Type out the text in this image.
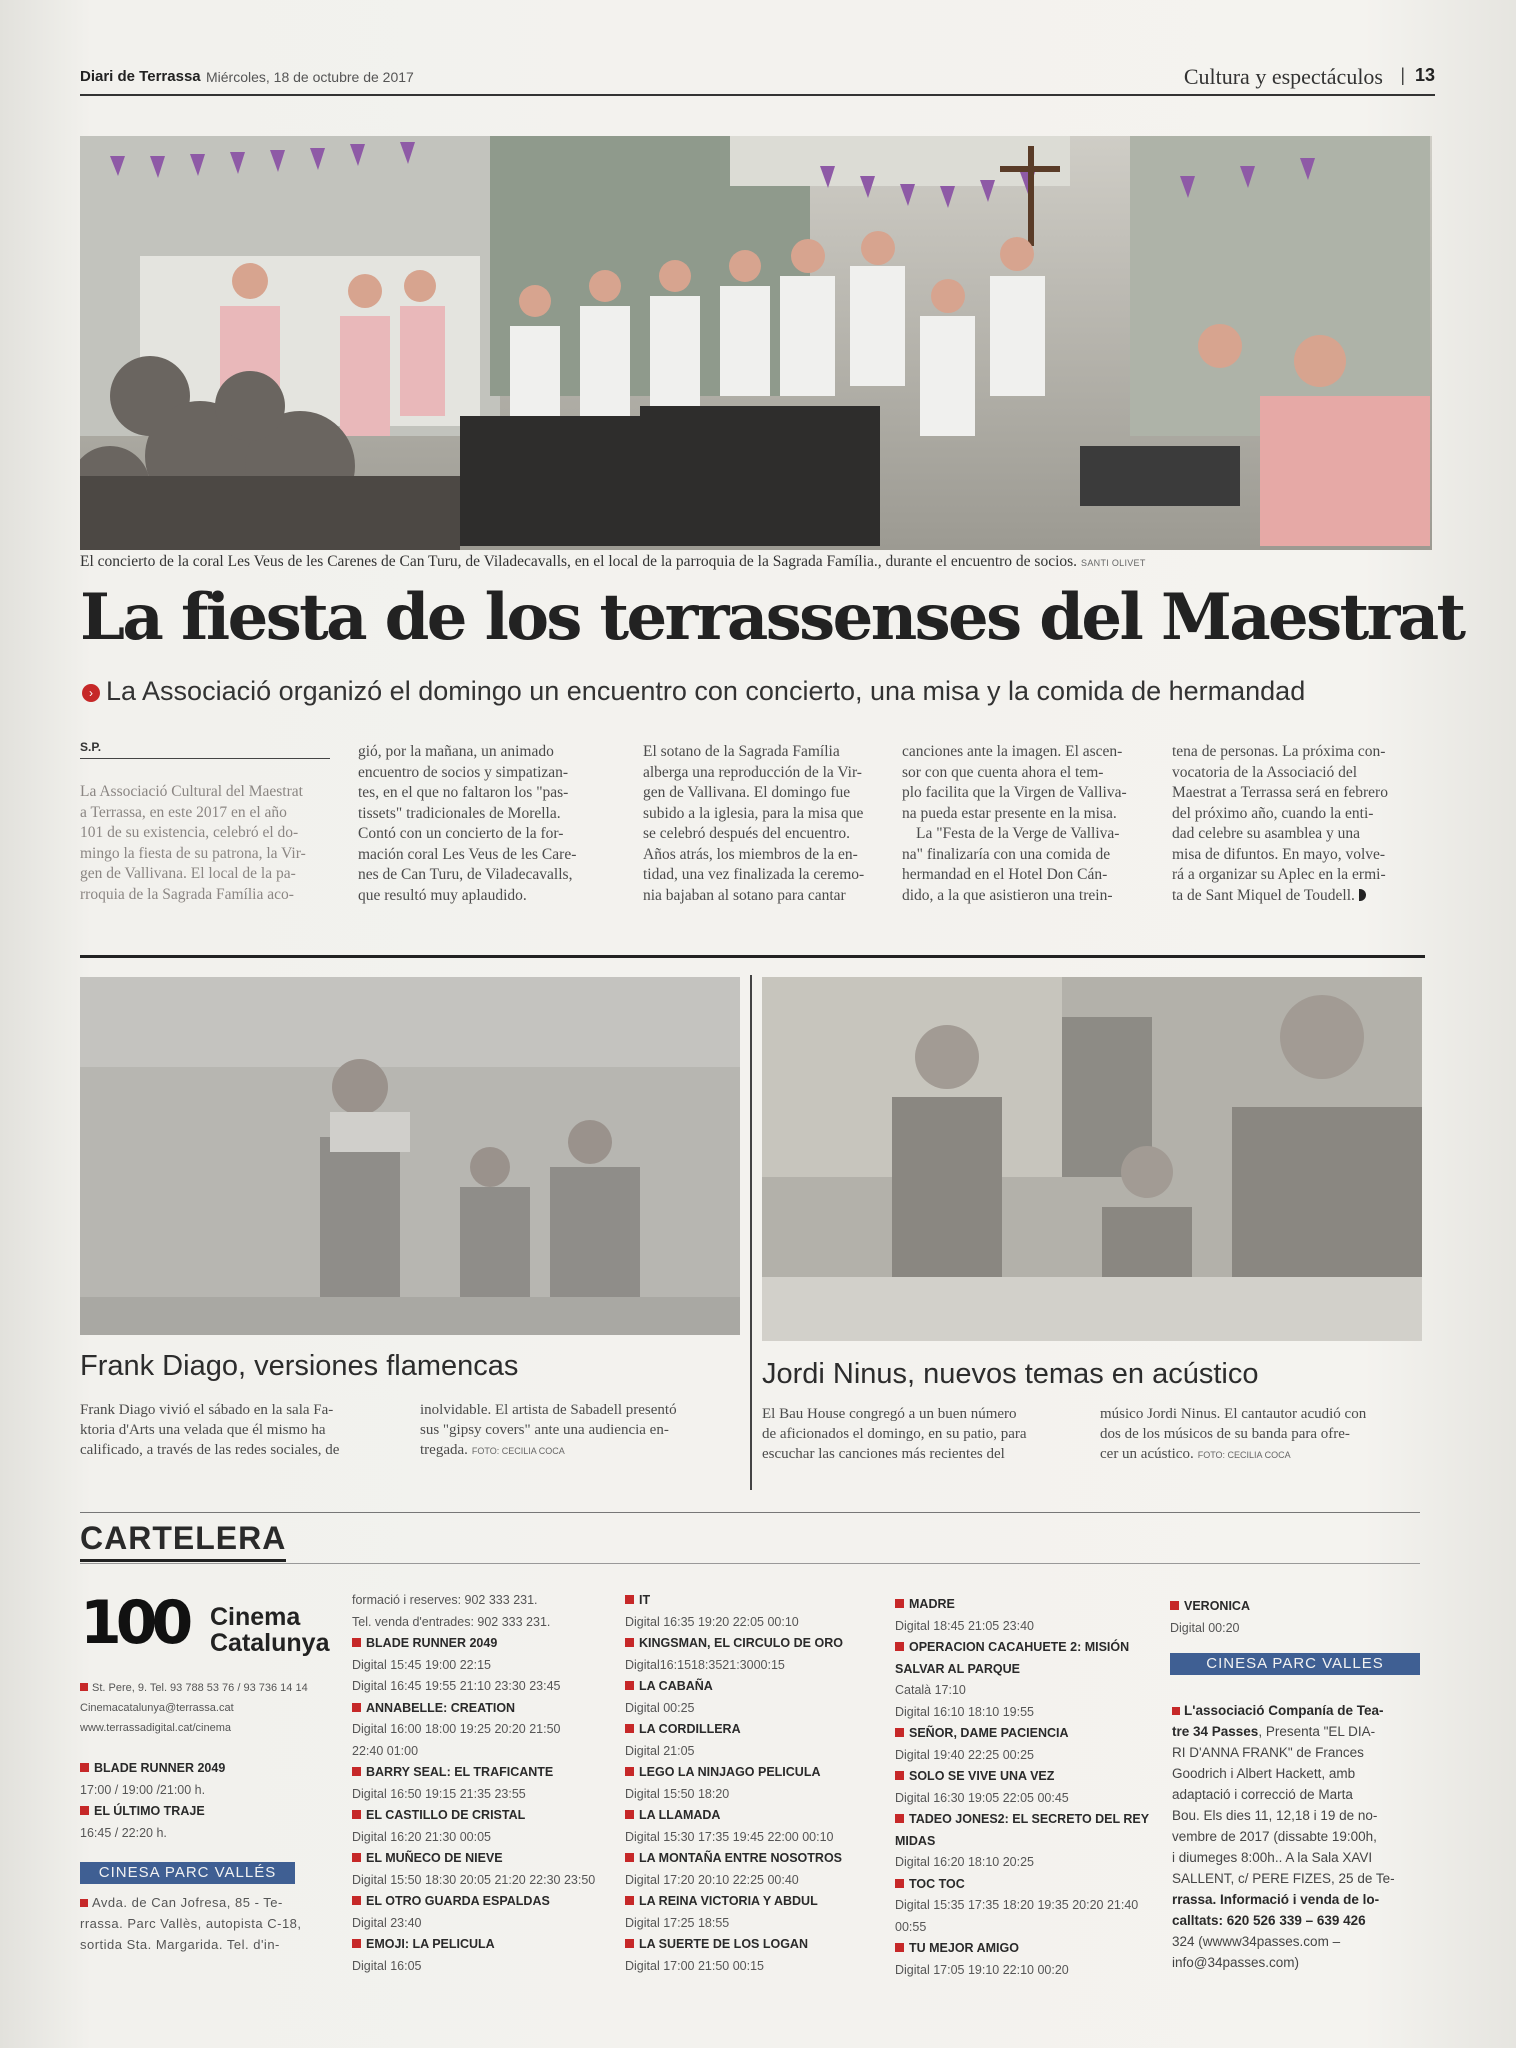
Diari de Terrassa Miércoles, 18 de octubre de 2017	Cultura y espectáculos | 13
El concierto de la coral Les Veus de les Carenes de Can Turu, de Viladecavalls, en el local de la parroquia de la Sagrada Família., durante el encuentro de socios. SANTI OLIVET
La fiesta de los terrassenses del Maestrat
› La Associació organizó el domingo un encuentro con concierto, una misa y la comida de hermandad
S.P.

La Associació Cultural del Maestrat

a Terrassa, en este 2017 en el año

101 de su existencia, celebró el do-

mingo la fiesta de su patrona, la Vir-

gen de Vallivana. El local de la pa-

rroquia de la Sagrada Família aco-

gió, por la mañana, un animado

encuentro de socios y simpatizan-

tes, en el que no faltaron los "pas-

tissets" tradicionales de Morella.

Contó con un concierto de la for-

mación coral Les Veus de les Care-

nes de Can Turu, de Viladecavalls,

que resultó muy aplaudido.

El sotano de la Sagrada Família

alberga una reproducción de la Vir-

gen de Vallivana. El domingo fue

subido a la iglesia, para la misa que

se celebró después del encuentro.

Años atrás, los miembros de la en-

tidad, una vez finalizada la ceremo-

nia bajaban al sotano para cantar

canciones ante la imagen. El ascen-

sor con que cuenta ahora el tem-

plo facilita que la Virgen de Valliva-

na pueda estar presente en la misa.

La "Festa de la Verge de Valliva-

na" finalizaría con una comida de

hermandad en el Hotel Don Cán-

dido, a la que asistieron una trein-

tena de personas. La próxima con-

vocatoria de la Associació del

Maestrat a Terrassa será en febrero

del próximo año, cuando la enti-

dad celebre su asamblea y una

misa de difuntos. En mayo, volve-

rá a organizar su Aplec en la ermi-

ta de Sant Miquel de Toudell.

Frank Diago, versiones flamencas	Jordi Ninus, nuevos temas en acústico

Frank Diago vivió el sábado en la sala Fa-

ktoria d'Arts una velada que él mismo ha

calificado, a través de las redes sociales, de

inolvidable. El artista de Sabadell presentó

sus "gipsy covers" ante una audiencia en-

tregada. FOTO: CECILIA COCA

El Bau House congregó a un buen número

de aficionados el domingo, en su patio, para

escuchar las canciones más recientes del

músico Jordi Ninus. El cantautor acudió con

dos de los músicos de su banda para ofre-

cer un acústico. FOTO: CECILIA COCA

CARTELERA
100 Cinema
Catalunya
St. Pere, 9. Tel. 93 788 53 76 / 93 736 14 14
Cinemacatalunya@terrassa.cat
www.terrassadigital.cat/cinema
BLADE RUNNER 2049
17:00 / 19:00 /21:00 h.
EL ÚLTIMO TRAJE
16:45 / 22:20 h.
CINESA PARC VALLÉS
Avda. de Can Jofresa, 85 - Te-
rrassa. Parc Vallès, autopista C-18,
sortida Sta. Margarida. Tel. d'in-
formació i reserves: 902 333 231.
Tel. venda d'entrades: 902 333 231.
BLADE RUNNER 2049
Digital 15:45 19:00 22:15
Digital 16:45 19:55 21:10 23:30 23:45
ANNABELLE: CREATION
Digital 16:00 18:00 19:25 20:20 21:50
22:40 01:00
BARRY SEAL: EL TRAFICANTE
Digital 16:50 19:15 21:35 23:55
EL CASTILLO DE CRISTAL
Digital 16:20 21:30 00:05
EL MUÑECO DE NIEVE
Digital 15:50 18:30 20:05 21:20 22:30 23:50
EL OTRO GUARDA ESPALDAS
Digital 23:40
EMOJI: LA PELICULA
Digital 16:05
IT
Digital 16:35 19:20 22:05 00:10
KINGSMAN, EL CIRCULO DE ORO
Digital16:1518:3521:3000:15
LA CABAÑA
Digital 00:25
LA CORDILLERA
Digital 21:05
LEGO LA NINJAGO PELICULA
Digital 15:50 18:20
LA LLAMADA
Digital 15:30 17:35 19:45 22:00 00:10
LA MONTAÑA ENTRE NOSOTROS
Digital 17:20 20:10 22:25 00:40
LA REINA VICTORIA Y ABDUL
Digital 17:25 18:55
LA SUERTE DE LOS LOGAN
Digital 17:00 21:50 00:15
MADRE
Digital 18:45 21:05 23:40
OPERACION CACAHUETE 2: MISIÓN
SALVAR AL PARQUE
Català 17:10
Digital 16:10 18:10 19:55
SEÑOR, DAME PACIENCIA
Digital 19:40 22:25 00:25
SOLO SE VIVE UNA VEZ
Digital 16:30 19:05 22:05 00:45
TADEO JONES2: EL SECRETO DEL REY
MIDAS
Digital 16:20 18:10 20:25
TOC TOC
Digital 15:35 17:35 18:20 19:35 20:20 21:40
00:55
TU MEJOR AMIGO
Digital 17:05 19:10 22:10 00:20
VERONICA
Digital 00:20
CINESA PARC VALLES
L'associació Companía de Tea-
tre 34 Passes, Presenta "EL DIA-
RI D'ANNA FRANK" de Frances
Goodrich i Albert Hackett, amb
adaptació i correcció de Marta
Bou. Els dies 11, 12,18 i 19 de no-
vembre de 2017 (dissabte 19:00h,
i diumeges 8:00h.. A la Sala XAVI
SALLENT, c/ PERE FIZES, 25 de Te-
rrassa. Informació i venda de lo-
calltats: 620 526 339 – 639 426
324 (wwww34passes.com –
info@34passes.com)
